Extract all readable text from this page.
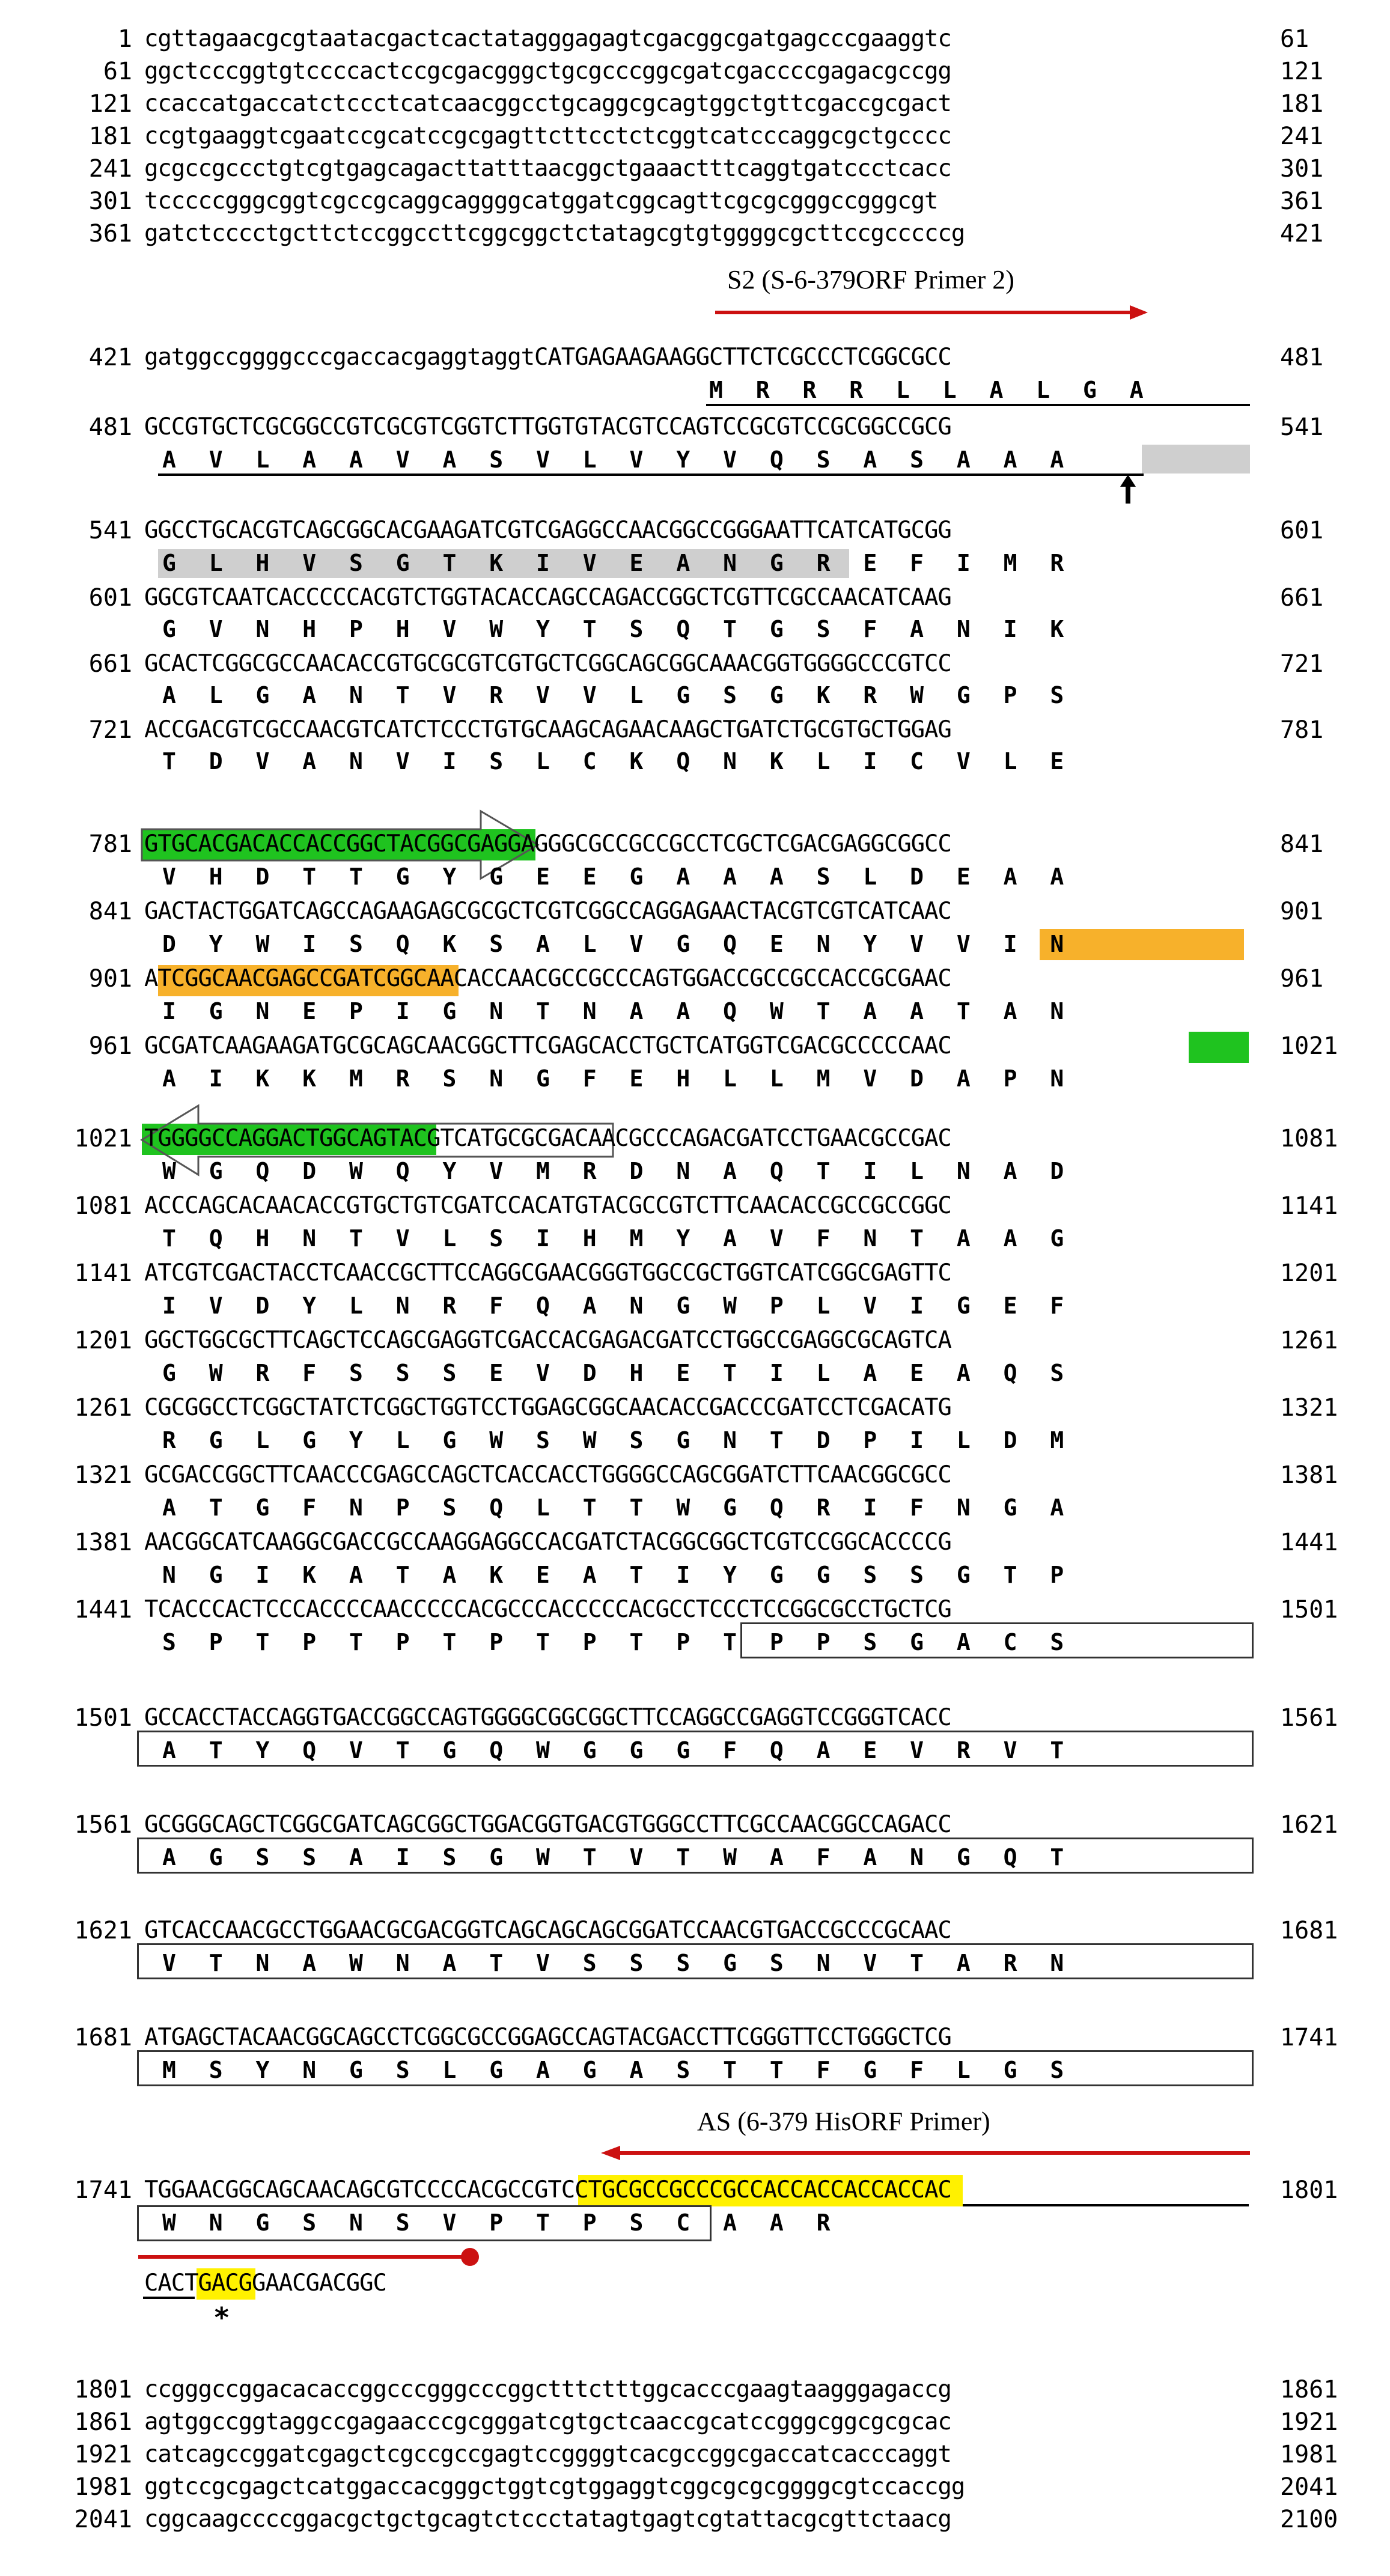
1 cgttagaacgcgtaatacgactcactatagggagagtcgacggcgatgagcccgaaggtc	61
61 ggctcccggtgtccccactccgcgacgggctgcgcccggcgatcgaccccgagacgccgg	121
121 ccaccatgaccatctccctcatcaacggcctgcaggcgcagtggctgttcgaccgcgact	181
181 ccgtgaaggtcgaatccgcatccgcgagttcttcctctcggtcatcccaggcgctgcccc	241
241 gcgccgccctgtcgtgagcagacttatttaacggctgaaactttcaggtgatccctcacc	301
301 tcccccgggcggtcgccgcaggcaggggcatggatcggcagttcgcgcgggccgggcgt	361
361 gatctcccctgcttctccggccttcggcggctctatagcgtgtggggcgcttccgcccccg	421
S2 (S-6-379ORF Primer 2)
421 gatggccggggcccgaccacgaggtaggtCATGAGAAGAAGGCTTCTCGCCCTCGGCGCC	481
M R R R L L A L G A
481 GCCGTGCTCGCGGCCGTCGCGTCGGTCTTGGTGTACGTCCAGTCCGCGTCCGCGGCCGCG	541
A V L A A V A S V L V Y V Q S A S A A A
541 GGCCTGCACGTCAGCGGCACGAAGATCGTCGAGGCCAACGGCCGGGAATTCATCATGCGG	601
G L H V S G T K I V E A N G R E F I M R
601 GGCGTCAATCACCCCCACGTCTGGTACACCAGCCAGACCGGCTCGTTCGCCAACATCAAG	661
G V N H P H V W Y T S Q T G S F A N I K
661 GCACTCGGCGCCAACACCGTGCGCGTCGTGCTCGGCAGCGGCAAACGGTGGGGCCCGTCC	721
A L G A N T V R V V L G S G K R W G P S
721 ACCGACGTCGCCAACGTCATCTCCCTGTGCAAGCAGAACAAGCTGATCTGCGTGCTGGAG	781
T D V A N V I S L C K Q N K L I C V L E
781 GTGCACGACACCACCGGCTACGGCGAGGAGGGCGCCGCCGCCTCGCTCGACGAGGCGGCC	841
V H D T T G Y G E E G A A A S L D E A A
841 GACTACTGGATCAGCCAGAAGAGCGCGCTCGTCGGCCAGGAGAACTACGTCGTCATCAAC	901
D Y W I S Q K S A L V G Q E N Y V V I N
901 ATCGGCAACGAGCCGATCGGCAACACCAACGCCGCCCAGTGGACCGCCGCCACCGCGAAC	961
I G N E P I G N T N A A Q W T A A T A N
961 GCGATCAAGAAGATGCGCAGCAACGGCTTCGAGCACCTGCTCATGGTCGACGCCCCCAAC	1021
A I K K M R S N G F E H L L M V D A P N
1021 TGGGGCCAGGACTGGCAGTACGTCATGCGCGACAACGCCCAGACGATCCTGAACGCCGAC	1081
W G Q D W Q Y V M R D N A Q T I L N A D
1081 ACCCAGCACAACACCGTGCTGTCGATCCACATGTACGCCGTCTTCAACACCGCCGCCGGC	1141
T Q H N T V L S I H M Y A V F N T A A G
1141 ATCGTCGACTACCTCAACCGCTTCCAGGCGAACGGGTGGCCGCTGGTCATCGGCGAGTTC	1201
I V D Y L N R F Q A N G W P L V I G E F
1201 GGCTGGCGCTTCAGCTCCAGCGAGGTCGACCACGAGACGATCCTGGCCGAGGCGCAGTCA	1261
G W R F S S S E V D H E T I L A E A Q S
1261 CGCGGCCTCGGCTATCTCGGCTGGTCCTGGAGCGGCAACACCGACCCGATCCTCGACATG	1321
R G L G Y L G W S W S G N T D P I L D M
1321 GCGACCGGCTTCAACCCGAGCCAGCTCACCACCTGGGGCCAGCGGATCTTCAACGGCGCC	1381
A T G F N P S Q L T T W G Q R I F N G A
1381 AACGGCATCAAGGCGACCGCCAAGGAGGCCACGATCTACGGCGGCTCGTCCGGCACCCCG	1441
N G I K A T A K E A T I Y G G S S G T P
1441 TCACCCACTCCCACCCCAACCCCCACGCCCACCCCCACGCCTCCCTCCGGCGCCTGCTCG	1501
S P T P T P T P T P T P T P P S G A C S
1501 GCCACCTACCAGGTGACCGGCCAGTGGGGCGGCGGCTTCCAGGCCGAGGTCCGGGTCACC	1561
A T Y Q V T G Q W G G G F Q A E V R V T
1561 GCGGGCAGCTCGGCGATCAGCGGCTGGACGGTGACGTGGGCCTTCGCCAACGGCCAGACC	1621
A G S S A I S G W T V T W A F A N G Q T
1621 GTCACCAACGCCTGGAACGCGACGGTCAGCAGCAGCGGATCCAACGTGACCGCCCGCAAC	1681
V T N A W N A T V S S S G S N V T A R N
1681 ATGAGCTACAACGGCAGCCTCGGCGCCGGAGCCAGTACGACCTTCGGGTTCCTGGGCTCG	1741
M S Y N G S L G A G A S T T F G F L G S
AS (6-379 HisORF Primer)
1741 TGGAACGGCAGCAACAGCGTCCCCACGCCGTCCTGCGCCGCCCGCCACCACCACCACCAC	1801
W N G S N S V P T P S C A A R
CACTGACGGAACGACGGC
*
1801 ccgggccggacacaccggcccgggcccggctttctttggcacccgaagtaagggagaccg	1861
1861 agtggccggtaggccgagaacccgcgggatcgtgctcaaccgcatccgggcggcgcgcac	1921
1921 catcagccggatcgagctcgccgccgagtccggggtcacgccggcgaccatcacccaggt	1981
1981 ggtccgcgagctcatggaccacgggctggtcgtggaggtcggcgcgcggggcgtccaccgg	2041
2041 cggcaagccccggacgctgctgcagtctccctatagtgagtcgtattacgcgttctaacg	2100
